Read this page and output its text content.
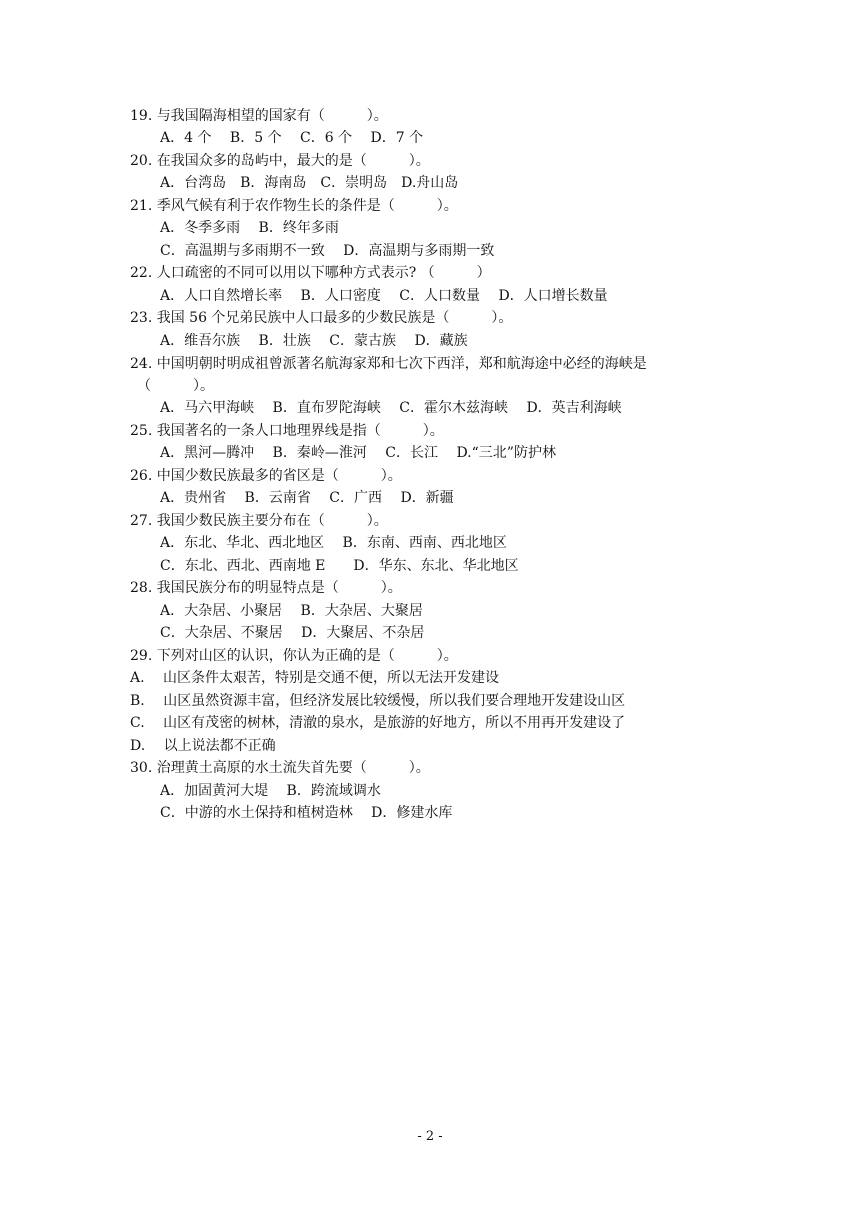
19. 与我国隔海相望的国家有（　　　）。
A．4 个　 B．5 个　 C．6 个　 D．7 个
20. 在我国众多的岛屿中，最大的是（　　　）。
A．台湾岛　B．海南岛　C．崇明岛　D.舟山岛
21. 季风气候有利于农作物生长的条件是（　　　）。
A．冬季多雨　 B．终年多雨
C．高温期与多雨期不一致　 D．高温期与多雨期一致
22. 人口疏密的不同可以用以下哪种方式表示? （　　　）
A．人口自然增长率　 B．人口密度　 C．人口数量　 D．人口增长数量
23. 我国 56 个兄弟民族中人口最多的少数民族是（　　　）。
A．维吾尔族　 B．壮族　 C．蒙古族　 D．藏族
24. 中国明朝时明成祖曾派著名航海家郑和七次下西洋，郑和航海途中必经的海峡是
（　　　）。
A．马六甲海峡　 B．直布罗陀海峡　 C．霍尔木兹海峡　 D．英吉利海峡
25. 我国著名的一条人口地理界线是指（　　　）。
A．黑河—腾冲　 B．秦岭—淮河　 C．长江　 D.“三北”防护林
26. 中国少数民族最多的省区是（　　　）。
A．贵州省　 B．云南省　 C．广西　 D．新疆
27. 我国少数民族主要分布在（　　　）。
A．东北、华北、西北地区　 B．东南、西南、西北地区
C．东北、西北、西南地 E　　D．华东、东北、华北地区
28. 我国民族分布的明显特点是（　　　）。
A．大杂居、小聚居　 B．大杂居、大聚居
C．大杂居、不聚居　 D．大聚居、不杂居
29. 下列对山区的认识，你认为正确的是（　　　）。
A.　 山区条件太艰苦，特别是交通不便，所以无法开发建设
B.　 山区虽然资源丰富，但经济发展比较缓慢，所以我们要合理地开发建设山区
C.　 山区有茂密的树林，清澈的泉水，是旅游的好地方，所以不用再开发建设了
D.　 以上说法都不正确
30. 治理黄土高原的水土流失首先要（　　　）。
A．加固黄河大堤　 B．跨流域调水
C．中游的水土保持和植树造林　 D．修建水库
- 2 -
